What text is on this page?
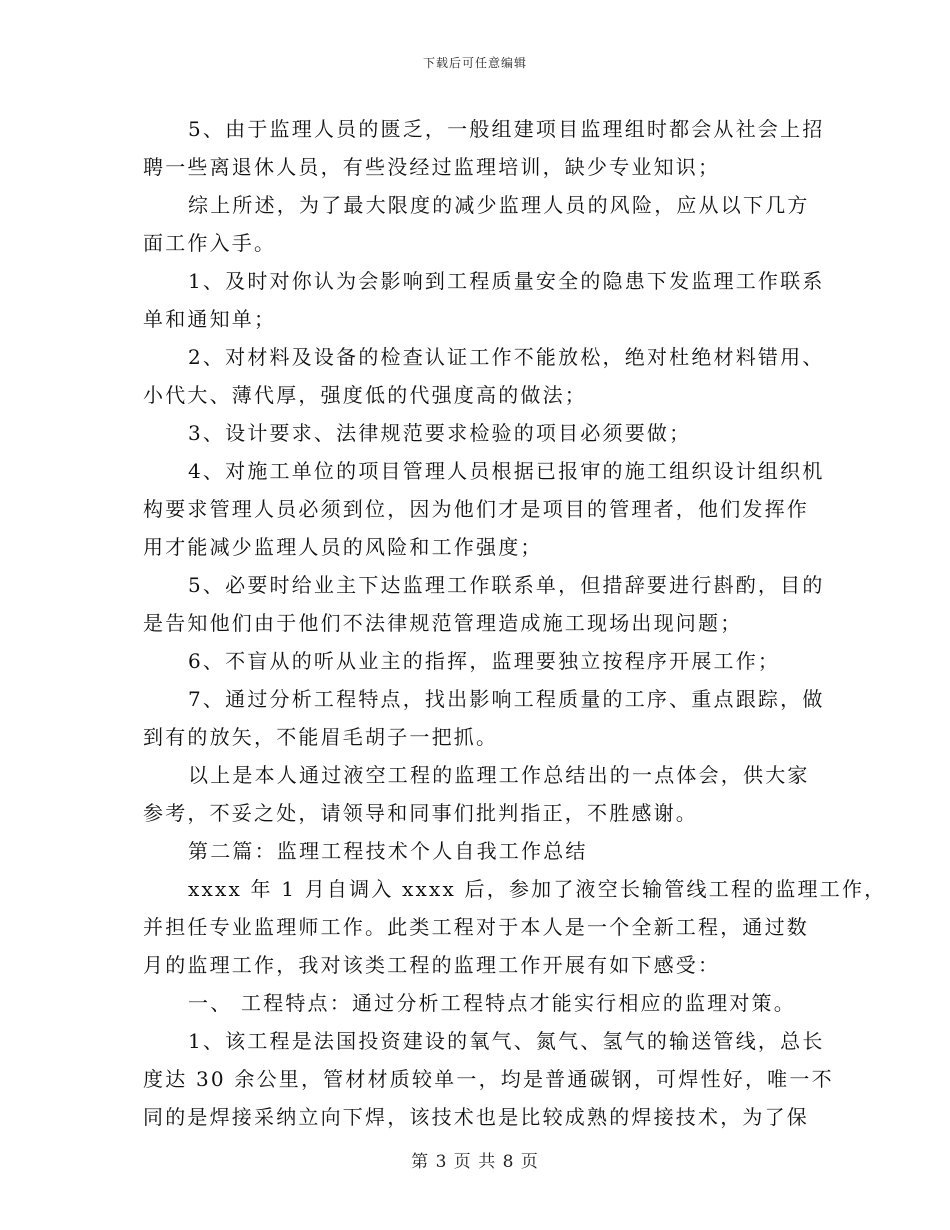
下载后可任意编辑
5、由于监理人员的匮乏，一般组建项目监理组时都会从社会上招
聘一些离退休人员，有些没经过监理培训，缺少专业知识；
综上所述，为了最大限度的减少监理人员的风险，应从以下几方
面工作入手。
1、及时对你认为会影响到工程质量安全的隐患下发监理工作联系
单和通知单；
2、对材料及设备的检查认证工作不能放松，绝对杜绝材料错用、
小代大、薄代厚，强度低的代强度高的做法；
3、设计要求、法律规范要求检验的项目必须要做；
4、对施工单位的项目管理人员根据已报审的施工组织设计组织机
构要求管理人员必须到位，因为他们才是项目的管理者，他们发挥作
用才能减少监理人员的风险和工作强度；
5、必要时给业主下达监理工作联系单，但措辞要进行斟酌，目的
是告知他们由于他们不法律规范管理造成施工现场出现问题；
6、不盲从的听从业主的指挥，监理要独立按程序开展工作；
7、通过分析工程特点，找出影响工程质量的工序、重点跟踪，做
到有的放矢，不能眉毛胡子一把抓。
以上是本人通过液空工程的监理工作总结出的一点体会，供大家
参考，不妥之处，请领导和同事们批判指正，不胜感谢。
第二篇：监理工程技术个人自我工作总结
xxxx 年 1 月自调入 xxxx 后，参加了液空长输管线工程的监理工作，
并担任专业监理师工作。此类工程对于本人是一个全新工程，通过数
月的监理工作，我对该类工程的监理工作开展有如下感受：
一、 工程特点：通过分析工程特点才能实行相应的监理对策。
1、该工程是法国投资建设的氧气、氮气、氢气的输送管线，总长
度达 30 余公里，管材材质较单一，均是普通碳钢，可焊性好，唯一不
同的是焊接采纳立向下焊，该技术也是比较成熟的焊接技术，为了保
第 3 页 共 8 页
